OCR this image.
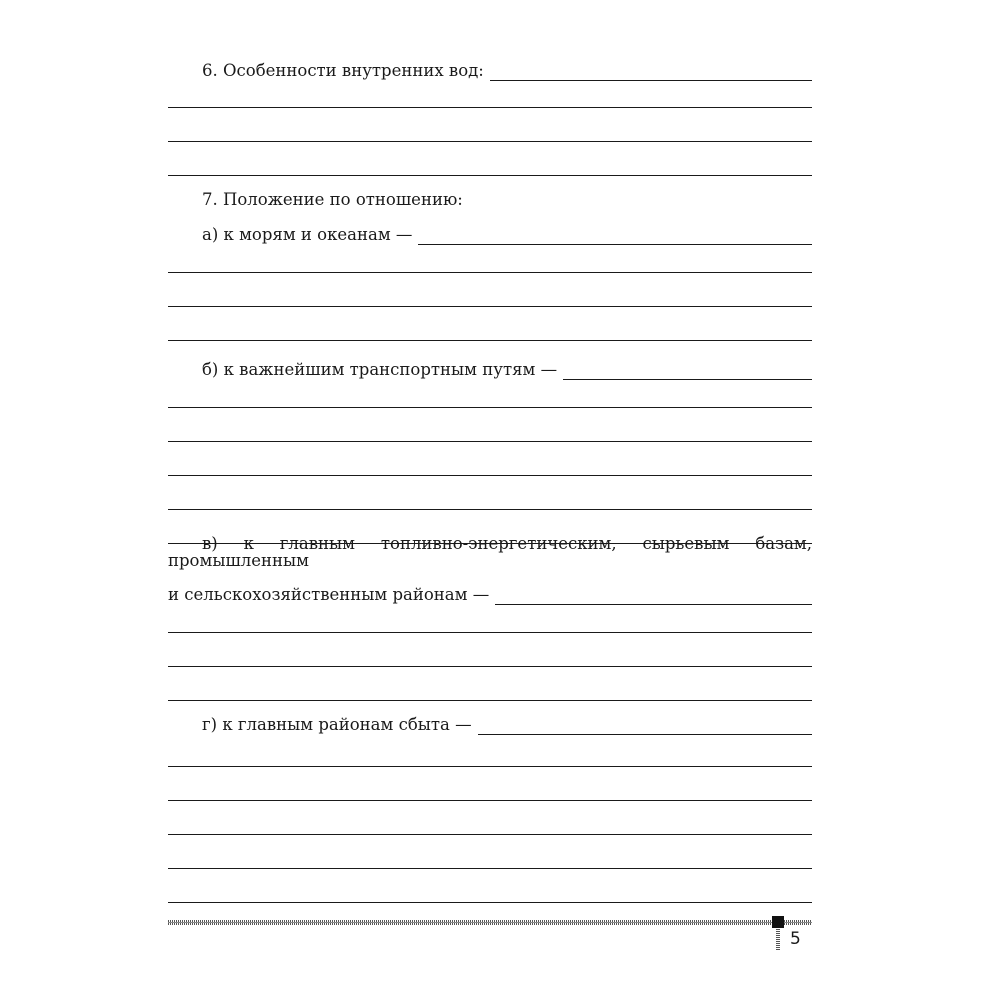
6. Особенности внутренних вод:
7. Положение по отношению:
а) к морям и океанам —
б) к важнейшим транспортным путям —
в) к главным топливно-энергетическим, сырьевым базам, промышленным
и сельскохозяйственным районам —
г) к главным районам сбыта —
5
